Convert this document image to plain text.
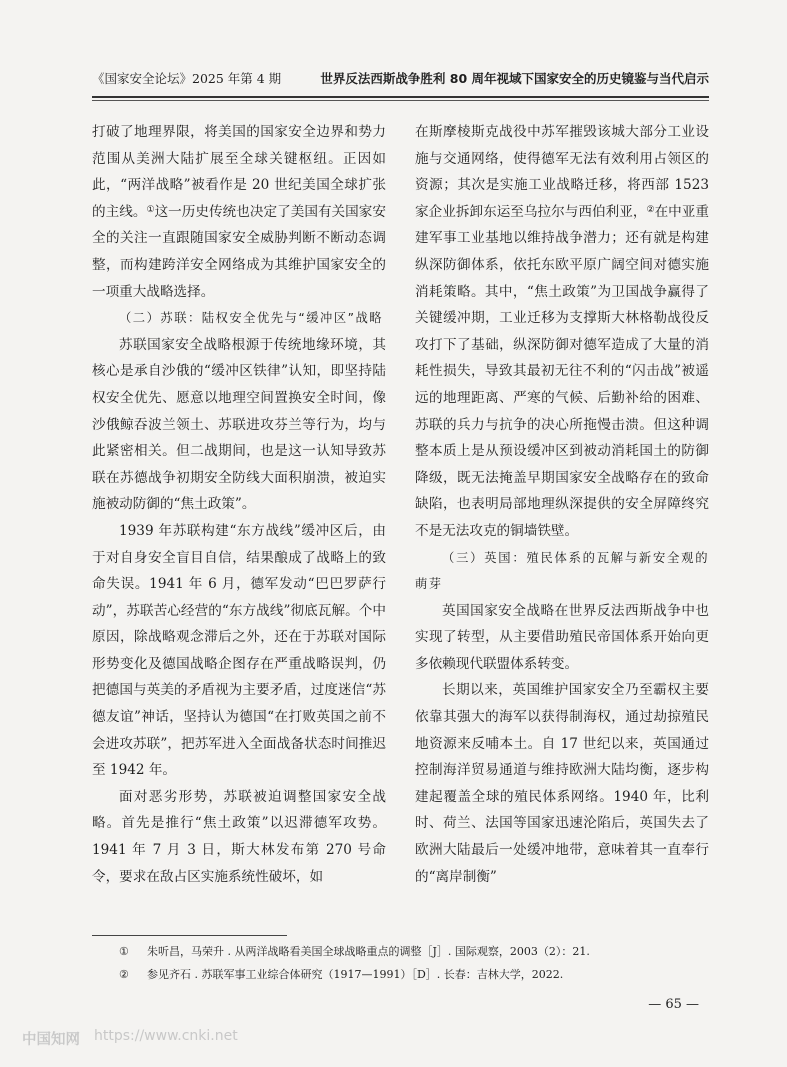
《国家安全论坛》2025 年第 4 期	世界反法西斯战争胜利 80 周年视域下国家安全的历史镜鉴与当代启示

打破了地理界限，将美国的国家安全边界和势力范围从美洲大陆扩展至全球关键枢纽。正因如此，“两洋战略”被看作是 20 世纪美国全球扩张的主线。①这一历史传统也决定了美国有关国家安全的关注一直跟随国家安全威胁判断不断动态调整，而构建跨洋安全网络成为其维护国家安全的一项重大战略选择。

（二）苏联：陆权安全优先与“缓冲区”战略

苏联国家安全战略根源于传统地缘环境，其核心是承自沙俄的“缓冲区铁律”认知，即坚持陆权安全优先、愿意以地理空间置换安全时间，像沙俄鲸吞波兰领土、苏联进攻芬兰等行为，均与此紧密相关。但二战期间，也是这一认知导致苏联在苏德战争初期安全防线大面积崩溃，被迫实施被动防御的“焦土政策”。

1939 年苏联构建“东方战线”缓冲区后，由于对自身安全盲目自信，结果酿成了战略上的致命失误。1941 年 6 月，德军发动“巴巴罗萨行动”，苏联苦心经营的“东方战线”彻底瓦解。个中原因，除战略观念滞后之外，还在于苏联对国际形势变化及德国战略企图存在严重战略误判，仍把德国与英美的矛盾视为主要矛盾，过度迷信“苏德友谊”神话，坚持认为德国“在打败英国之前不会进攻苏联”，把苏军进入全面战备状态时间推迟至 1942 年。

面对恶劣形势，苏联被迫调整国家安全战略。首先是推行“焦土政策”以迟滞德军攻势。1941 年 7 月 3 日，斯大林发布第 270 号命令，要求在敌占区实施系统性破坏，如

在斯摩棱斯克战役中苏军摧毁该城大部分工业设施与交通网络，使得德军无法有效利用占领区的资源；其次是实施工业战略迁移，将西部 1523 家企业拆卸东运至乌拉尔与西伯利亚，②在中亚重建军事工业基地以维持战争潜力；还有就是构建纵深防御体系，依托东欧平原广阔空间对德实施消耗策略。其中，“焦土政策”为卫国战争赢得了关键缓冲期，工业迁移为支撑斯大林格勒战役反攻打下了基础，纵深防御对德军造成了大量的消耗性损失，导致其最初无往不利的“闪击战”被遥远的地理距离、严寒的气候、后勤补给的困难、苏联的兵力与抗争的决心所拖慢击溃。但这种调整本质上是从预设缓冲区到被动消耗国土的防御降级，既无法掩盖早期国家安全战略存在的致命缺陷，也表明局部地理纵深提供的安全屏障终究不是无法攻克的铜墙铁壁。

（三）英国：殖民体系的瓦解与新安全观的萌芽

英国国家安全战略在世界反法西斯战争中也实现了转型，从主要借助殖民帝国体系开始向更多依赖现代联盟体系转变。

长期以来，英国维护国家安全乃至霸权主要依靠其强大的海军以获得制海权，通过劫掠殖民地资源来反哺本土。自 17 世纪以来，英国通过控制海洋贸易通道与维持欧洲大陆均衡，逐步构建起覆盖全球的殖民体系网络。1940 年，比利时、荷兰、法国等国家迅速沦陷后，英国失去了欧洲大陆最后一处缓冲地带，意味着其一直奉行的“离岸制衡”

①	朱听昌，马荣升 . 从两洋战略看美国全球战略重点的调整［J］. 国际观察，2003（2）：21.
②	参见齐石 . 苏联军事工业综合体研究（1917—1991）［D］. 长春：吉林大学，2022.
— 65 —
中国知网 https://www.cnki.net
